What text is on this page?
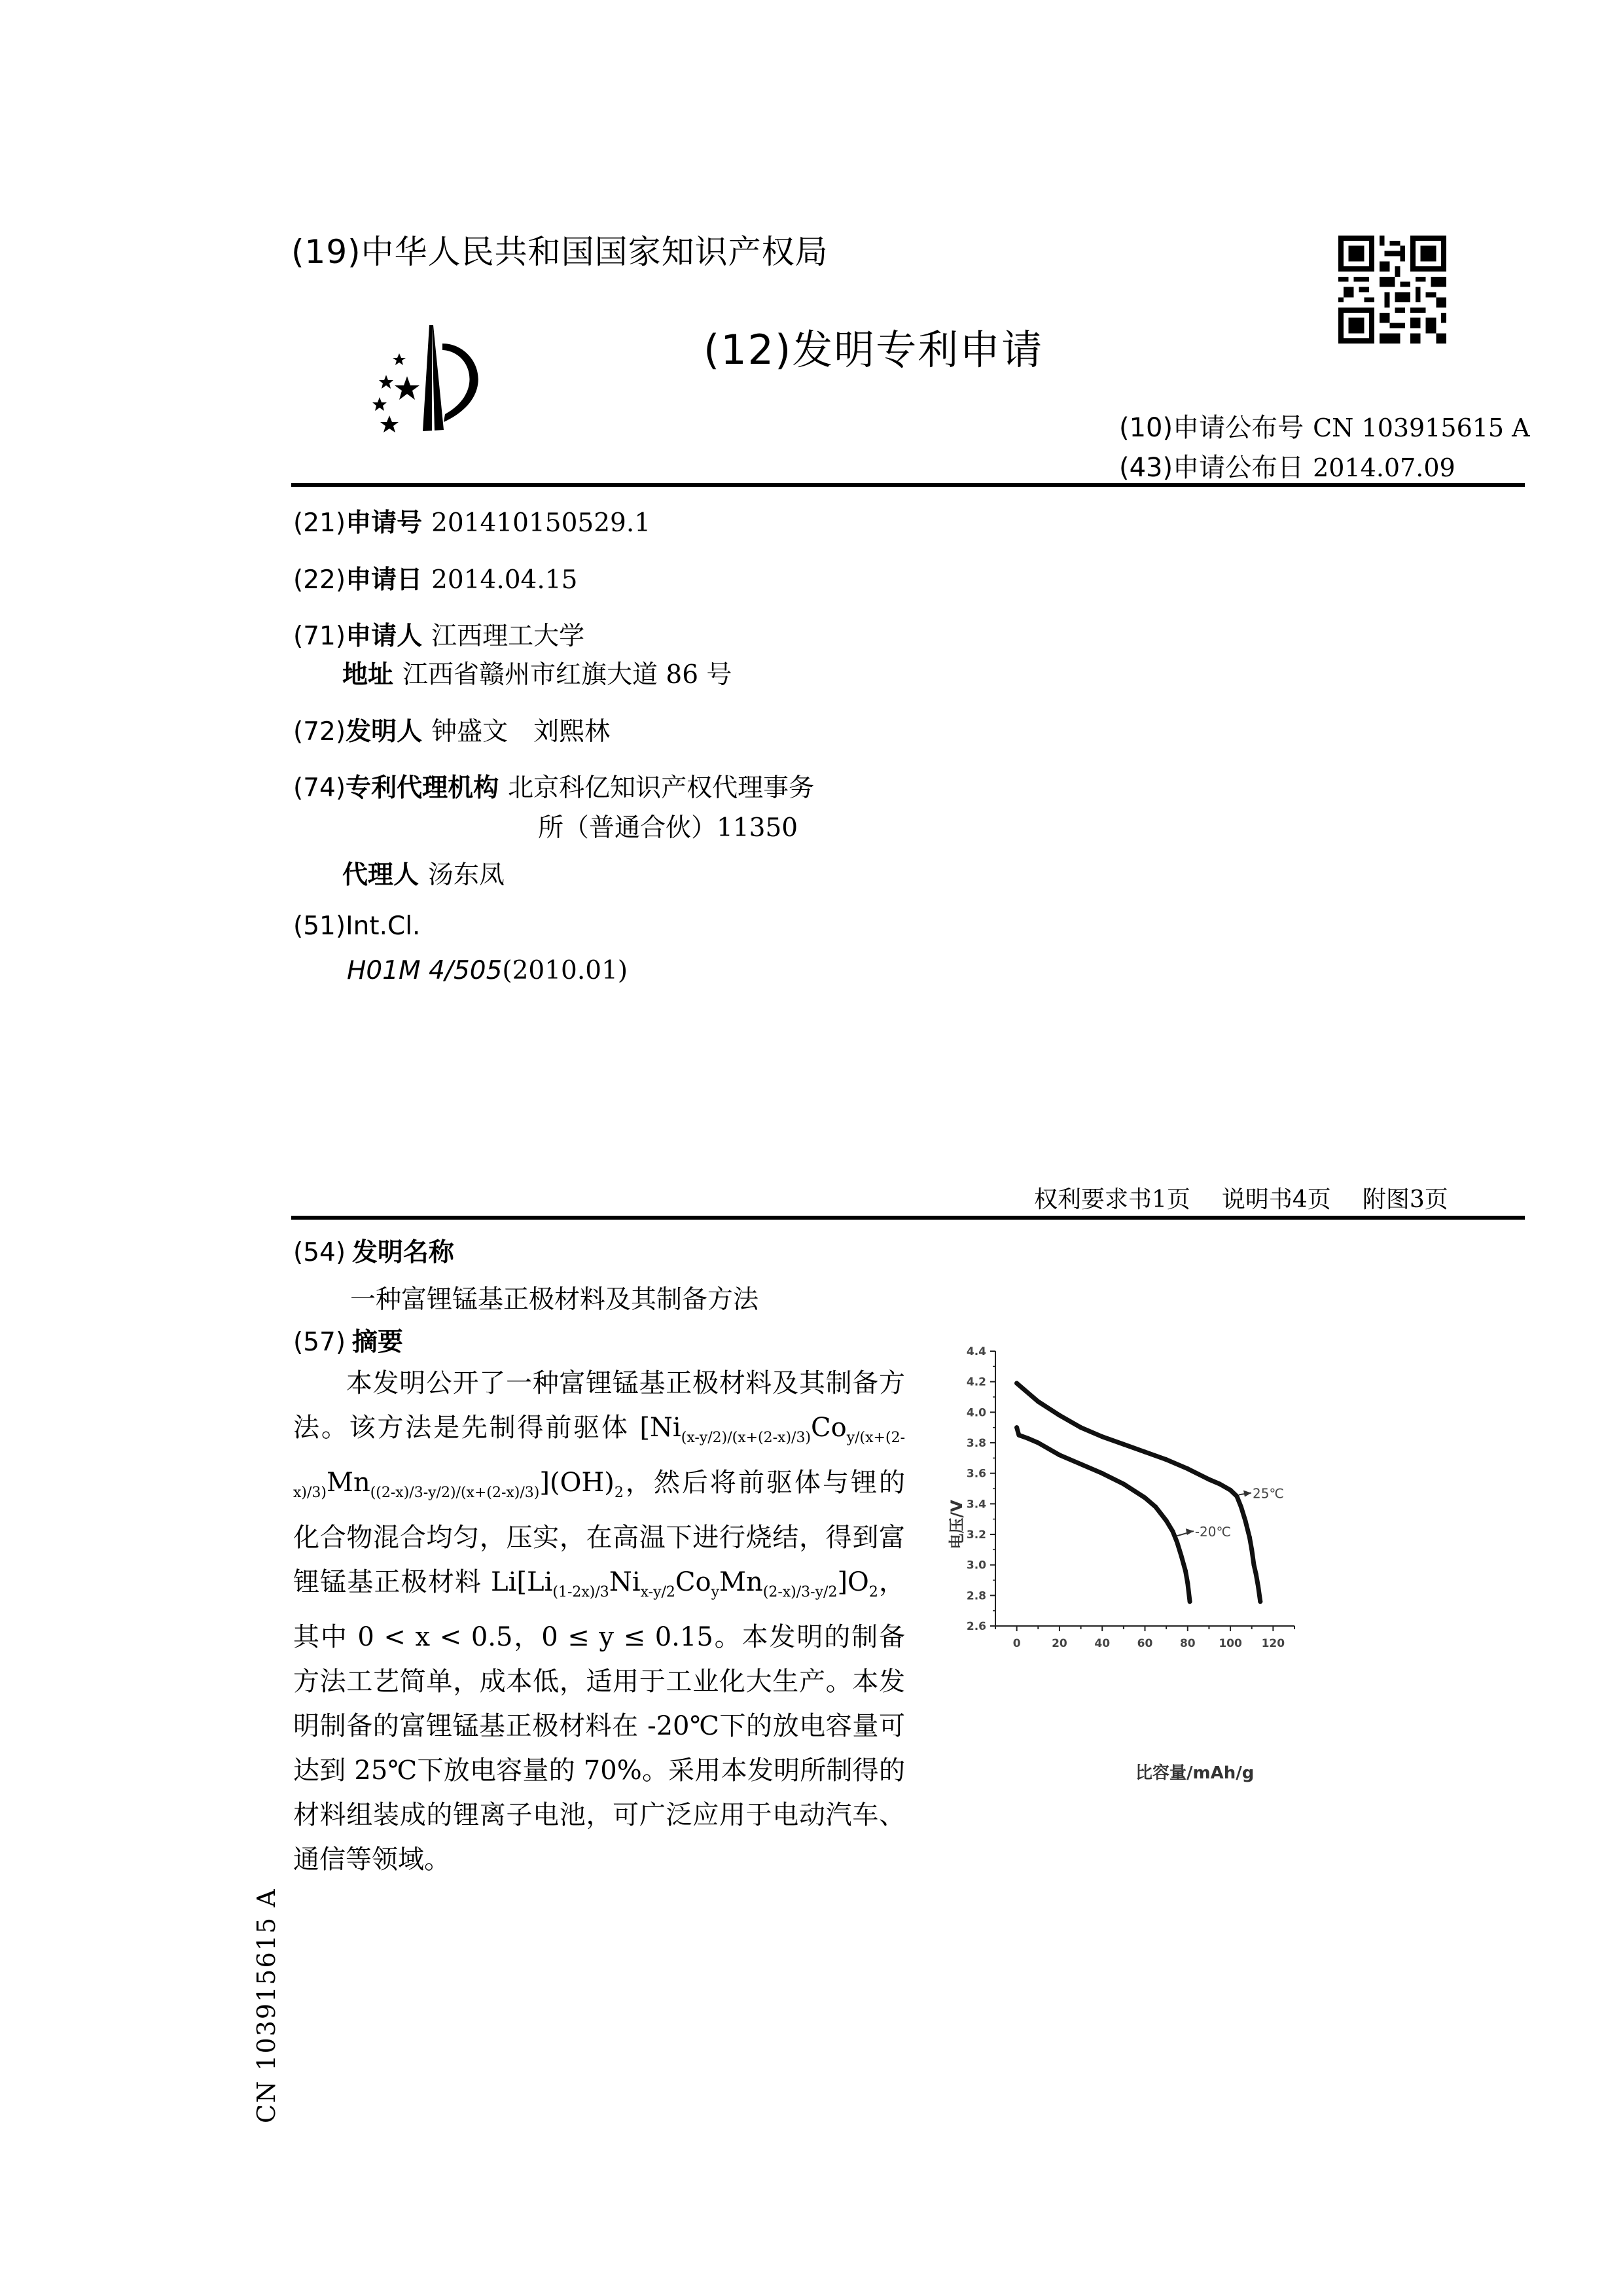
(19)中华人民共和国国家知识产权局
(12)发明专利申请
(10)申请公布号 CN 103915615 A
(43)申请公布日 2014.07.09
(21)申请号 201410150529.1
(22)申请日 2014.04.15
(71)申请人 江西理工大学
地址 江西省赣州市红旗大道 86 号
(72)发明人 钟盛文　刘熙林
(74)专利代理机构 北京科亿知识产权代理事务
所（普通合伙）11350
代理人 汤东凤
(51)Int.Cl.
H01M 4/505(2010.01)
权利要求书1页 说明书4页 附图3页
(54) 发明名称
一种富锂锰基正极材料及其制备方法
(57) 摘要
本发明公开了一种富锂锰基正极材料及其制备方法。该方法是先制得前驱体 $[Ni_{(x-y/2)/(x+(2-x)/3)}Co_{y/(x+(2-x)/3)}Mn_{((2-x)/3-y/2)/(x+(2-x)/3)}](OH)_2$，然后将前驱体与锂的化合物混合均匀，压实，在高温下进行烧结，得到富锂锰基正极材料 $Li[Li_{(1-2x)/3}Ni_{x-y/2}Co_yMn_{(2-x)/3-y/2}]O_2$，其中 0 < x < 0.5，0 ≤ y ≤ 0.15。本发明的制备方法工艺简单，成本低，适用于工业化大生产。本发明制备的富锂锰基正极材料在 -20℃下的放电容量可达到 25℃下放电容量的 70%。采用本发明所制得的材料组装成的锂离子电池，可广泛应用于电动汽车、通信等领域。
2.6
2.8
3.0
3.2
3.4
3.6
3.8
4.0
4.2
4.4
0	20 40 60 80 100 120
25℃
-20℃
比容量/mAh/g
电压/V
CN 103915615 A
